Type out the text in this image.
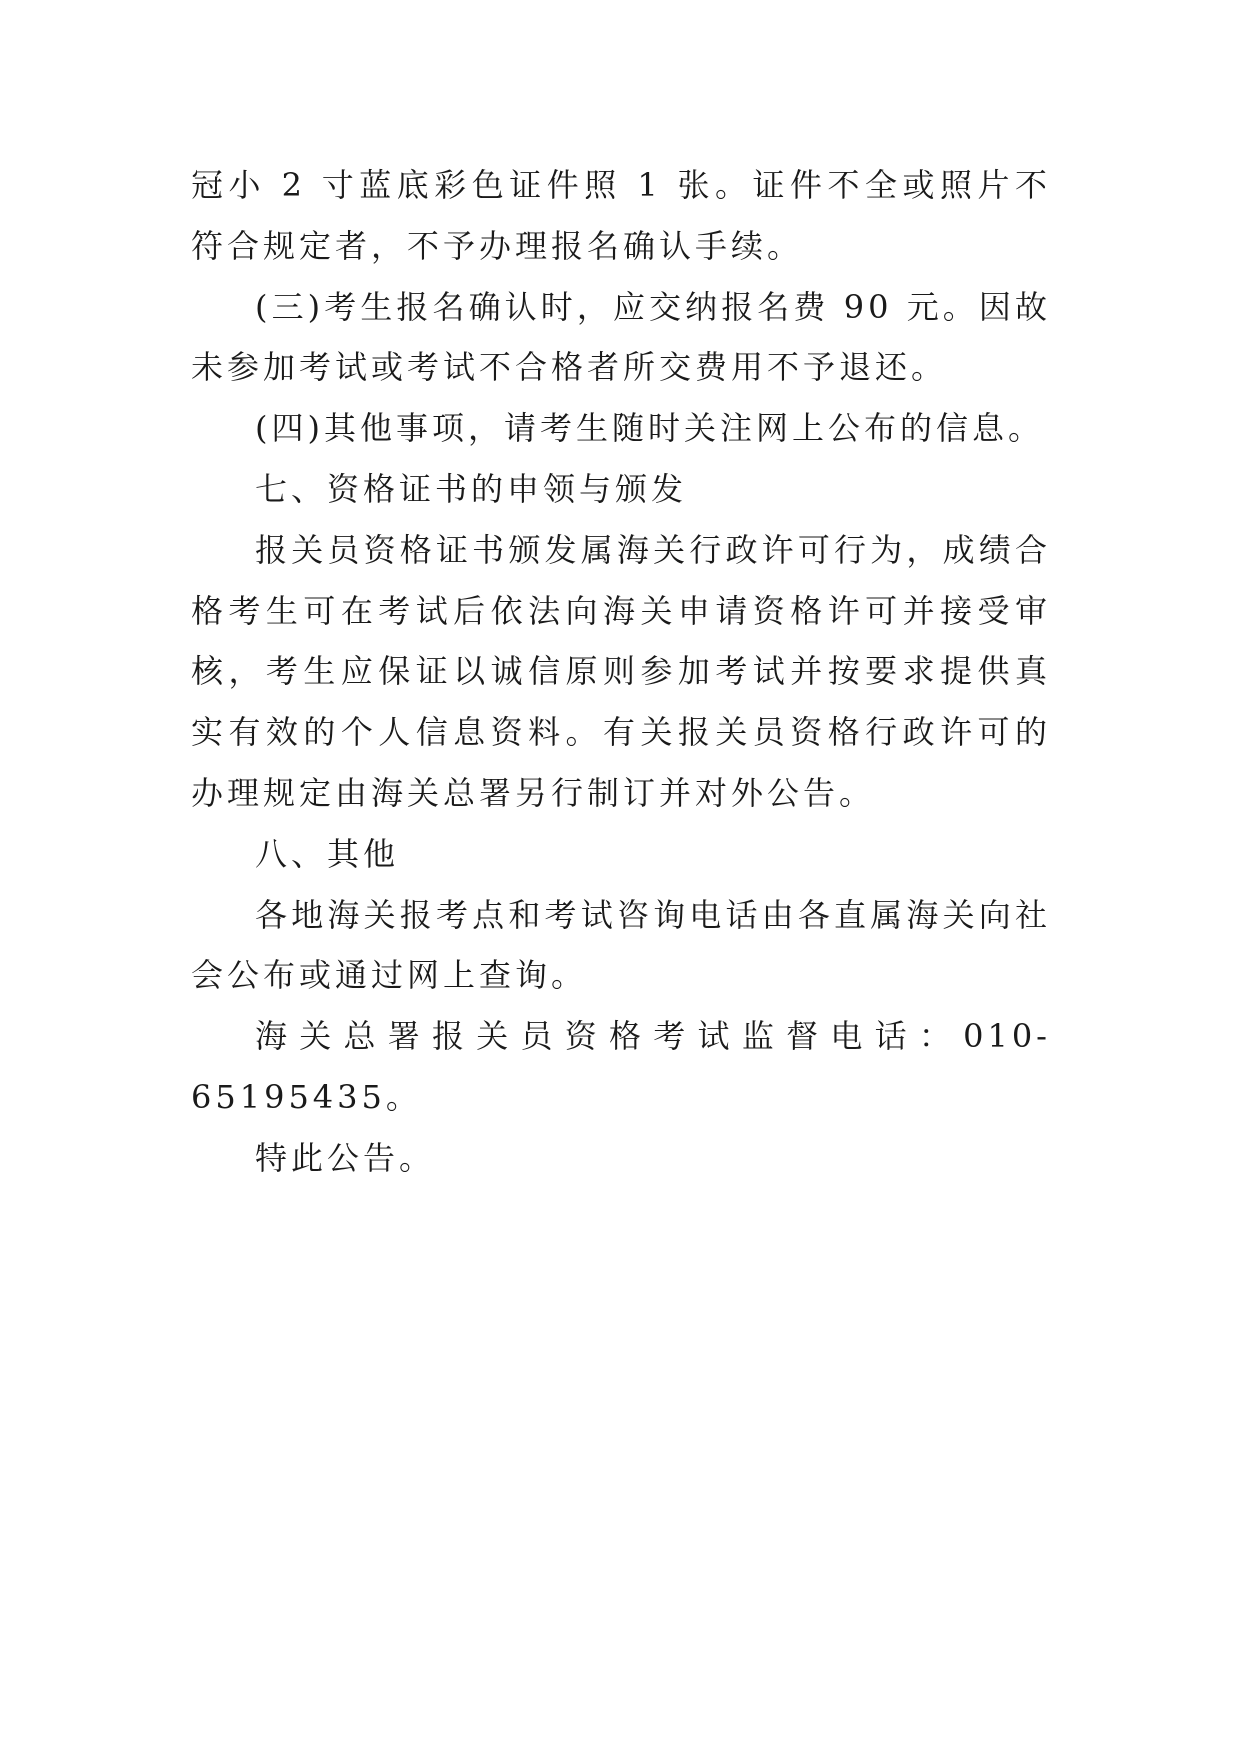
冠小 2 寸蓝底彩色证件照 1 张。证件不全或照片不符合规定者，不予办理报名确认手续。

(三)考生报名确认时，应交纳报名费 90 元。因故未参加考试或考试不合格者所交费用不予退还。

(四)其他事项，请考生随时关注网上公布的信息。

七、资格证书的申领与颁发

报关员资格证书颁发属海关行政许可行为，成绩合格考生可在考试后依法向海关申请资格许可并接受审核，考生应保证以诚信原则参加考试并按要求提供真实有效的个人信息资料。有关报关员资格行政许可的办理规定由海关总署另行制订并对外公告。

八、其他

各地海关报考点和考试咨询电话由各直属海关向社会公布或通过网上查询。

海关总署报关员资格考试监督电话：010-65195435。

特此公告。
